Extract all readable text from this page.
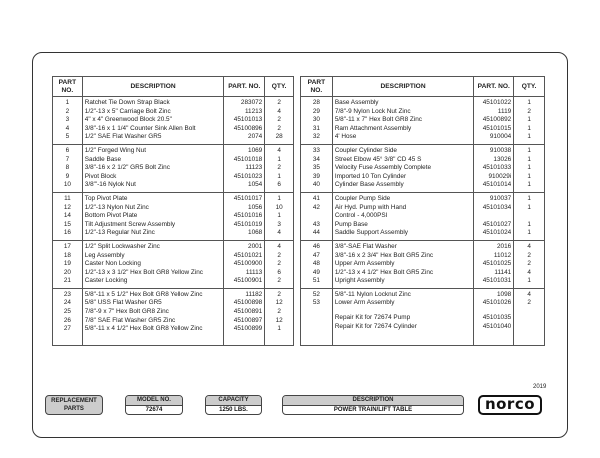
PART NO.	DESCRIPTION	PART. NO.	QTY.
1	Ratchet Tie Down Strap Black	283072	2
2	1/2"-13 x 5" Carriage Bolt Zinc	11213	4
3	4" x 4" Greenwood Block 20.5"	45101013	2
4	3/8"-16 x 1 1/4" Counter Sink Allen Bolt	45100896	2
5	1/2" SAE Flat Washer GR5	2074	28
6	1/2" Forged Wing Nut	1069	4
7	Saddle Base	45101018	1
8	3/8"-16 x 2 1/2" GR5 Bolt Zinc	11123	2
9	Pivot Block	45101023	1
10	3/8"'-16 Nylok Nut	1054	6
11	Top Pivot Plate	45101017	1
12	1/2"-13 Nylon Nut Zinc	1056	10
14	Bottom Pivot Plate	45101016	1
15	Tilt Adjustment Screw Assembly	45101019	3
16	1/2"-13 Regular Nut Zinc	1068	4
17	1/2" Split Lockwasher Zinc	2001	4
18	Leg Assembly	45101021	2
19	Caster Non Locking	45100900	2
20	1/2"-13 x 3 1/2" Hex Bolt GR8 Yellow Zinc	11113	6
21	Caster Locking	45100901	2
23	5/8"-11 x 5 1/2" Hex Bolt GR8 Yellow Zinc	11182	2
24	5/8" USS Flat Washer GR5	45100898	12
25	7/8"-9 x 7" Hex Bolt GR8 Zinc	45100891	2
26	7/8" SAE Flat Washer GR5 Zinc	45100897	12
27	5/8"-11 x 4 1/2" Hex Bolt GR8 Yellow Zinc	45100899	1

PART NO.	DESCRIPTION	PART. NO.	QTY.
28	Base Assembly	45101022	1
29	7/8"-9 Nylon Lock Nut Zinc	1119	2
30	5/8"-11 x 7" Hex Bolt GR8 Zinc	45100892	1
31	Ram Attachment Assembly	45101015	1
32	4' Hose	910004	1
33	Coupler Cylinder Side	910038	1
34	Street Elbow 45° 3/8" CD 45 S	13026	1
35	Velocity Fuse Assembly Complete	45101033	1
39	Imported 10 Ton Cylinder	910029i	1
40	Cylinder Base Assembly	45101014	1
41	Coupler Pump Side	910037	1
42	Air Hyd. Pump with Hand	45101034	1
	Control - 4,000PSI		
43	Pump Base	45101027	1
44	Saddle Support Assembly	45101024	1
46	3/8"-SAE Flat Washer	2016	4
47	3/8"-16 x 2 3/4" Hex Bolt GR5 Zinc	11012	2
48	Upper Arm Assembly	45101025	2
49	1/2"-13 x 4 1/2" Hex Bolt GR5 Zinc	11141	4
51	Upright Assembly	45101031	1
52	5/8"-11 Nylon Locknut Zinc	1098	4
53	Lower Arm Assembly	45101026	2

	Repair Kit for 72674 Pump	45101035	
	Repair Kit for 72674 Cylinder	45101040	

REPLACEMENT PARTS
MODEL NO.
72674
CAPACITY
1250 LBS.
DESCRIPTION
POWER TRAIN/LIFT TABLE
2019
norco
